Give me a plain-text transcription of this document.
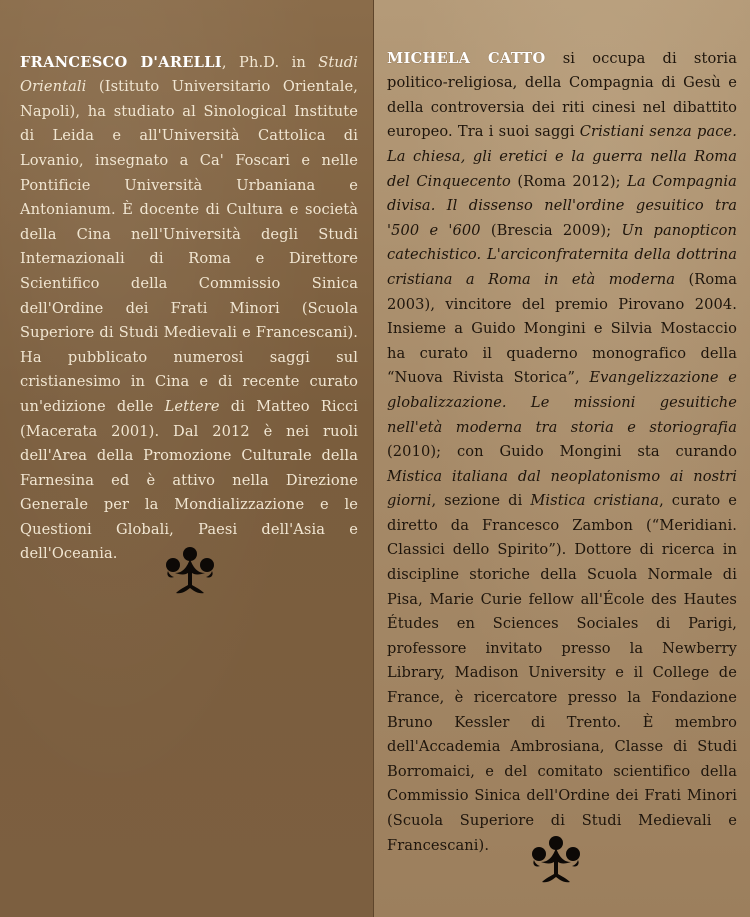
FRANCESCO D'ARELLI, Ph.D. in Studi Orientali (Istituto Universitario Orientale, Napoli), ha studiato al Sinological Institute di Leida e all'Università Cattolica di Lovanio, insegnato a Ca' Foscari e nelle Pontificie Università Urbaniana e Antonianum. È docente di Cultura e società della Cina nell'Università degli Studi Internazionali di Roma e Direttore Scientifico della Commissio Sinica dell'Ordine dei Frati Minori (Scuola Superiore di Studi Medievali e Francescani). Ha pubblicato numerosi saggi sul cristianesimo in Cina e di recente curato un'edizione delle Lettere di Matteo Ricci (Macerata 2001). Dal 2012 è nei ruoli dell'Area della Promozione Culturale della Farnesina ed è attivo nella Direzione Generale per la Mondializzazione e le Questioni Globali, Paesi dell'Asia e dell'Oceania.

MICHELA CATTO si occupa di storia politico-religiosa, della Compagnia di Gesù e della controversia dei riti cinesi nel dibattito europeo. Tra i suoi saggi Cristiani senza pace. La chiesa, gli eretici e la guerra nella Roma del Cinquecento (Roma 2012); La Compagnia divisa. Il dissenso nell'ordine gesuitico tra '500 e '600 (Brescia 2009); Un panopticon catechistico. L'arciconfraternita della dottrina cristiana a Roma in età moderna (Roma 2003), vincitore del premio Pirovano 2004. Insieme a Guido Mongini e Silvia Mostaccio ha curato il quaderno monografico della “Nuova Rivista Storica”, Evangelizzazione e globalizzazione. Le missioni gesuitiche nell'età moderna tra storia e storiografia (2010); con Guido Mongini sta curando Mistica italiana dal neoplatonismo ai nostri giorni, sezione di Mistica cristiana, curato e diretto da Francesco Zambon (“Meridiani. Classici dello Spirito”). Dottore di ricerca in discipline storiche della Scuola Normale di Pisa, Marie Curie fellow all'École des Hautes Études en Sciences Sociales di Parigi, professore invitato presso la Newberry Library, Madison University e il College de France, è ricercatore presso la Fondazione Bruno Kessler di Trento. È membro dell'Accademia Ambrosiana, Classe di Studi Borromaici, e del comitato scientifico della Commissio Sinica dell'Ordine dei Frati Minori (Scuola Superiore di Studi Medievali e Francescani).
